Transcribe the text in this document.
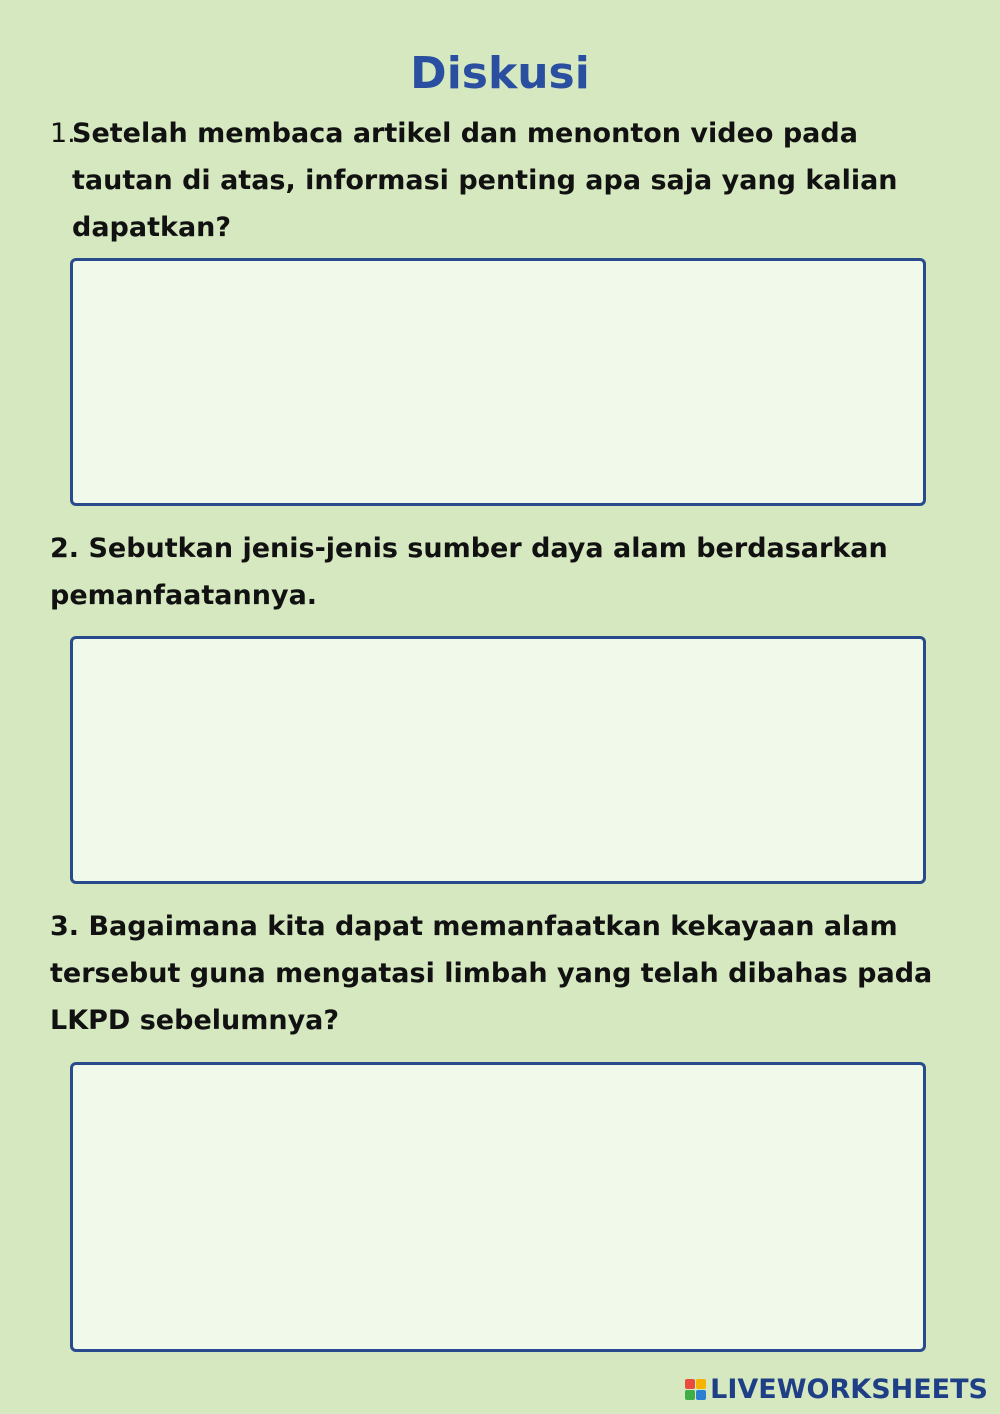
Diskusi

1.
Setelah membaca artikel dan menonton video pada tautan di atas, informasi penting apa saja yang kalian dapatkan?

2. Sebutkan jenis-jenis sumber daya alam berdasarkan pemanfaatannya.

3. Bagaimana kita dapat memanfaatkan kekayaan alam tersebut guna mengatasi limbah yang telah dibahas pada LKPD sebelumnya?

LIVEWORKSHEETS
